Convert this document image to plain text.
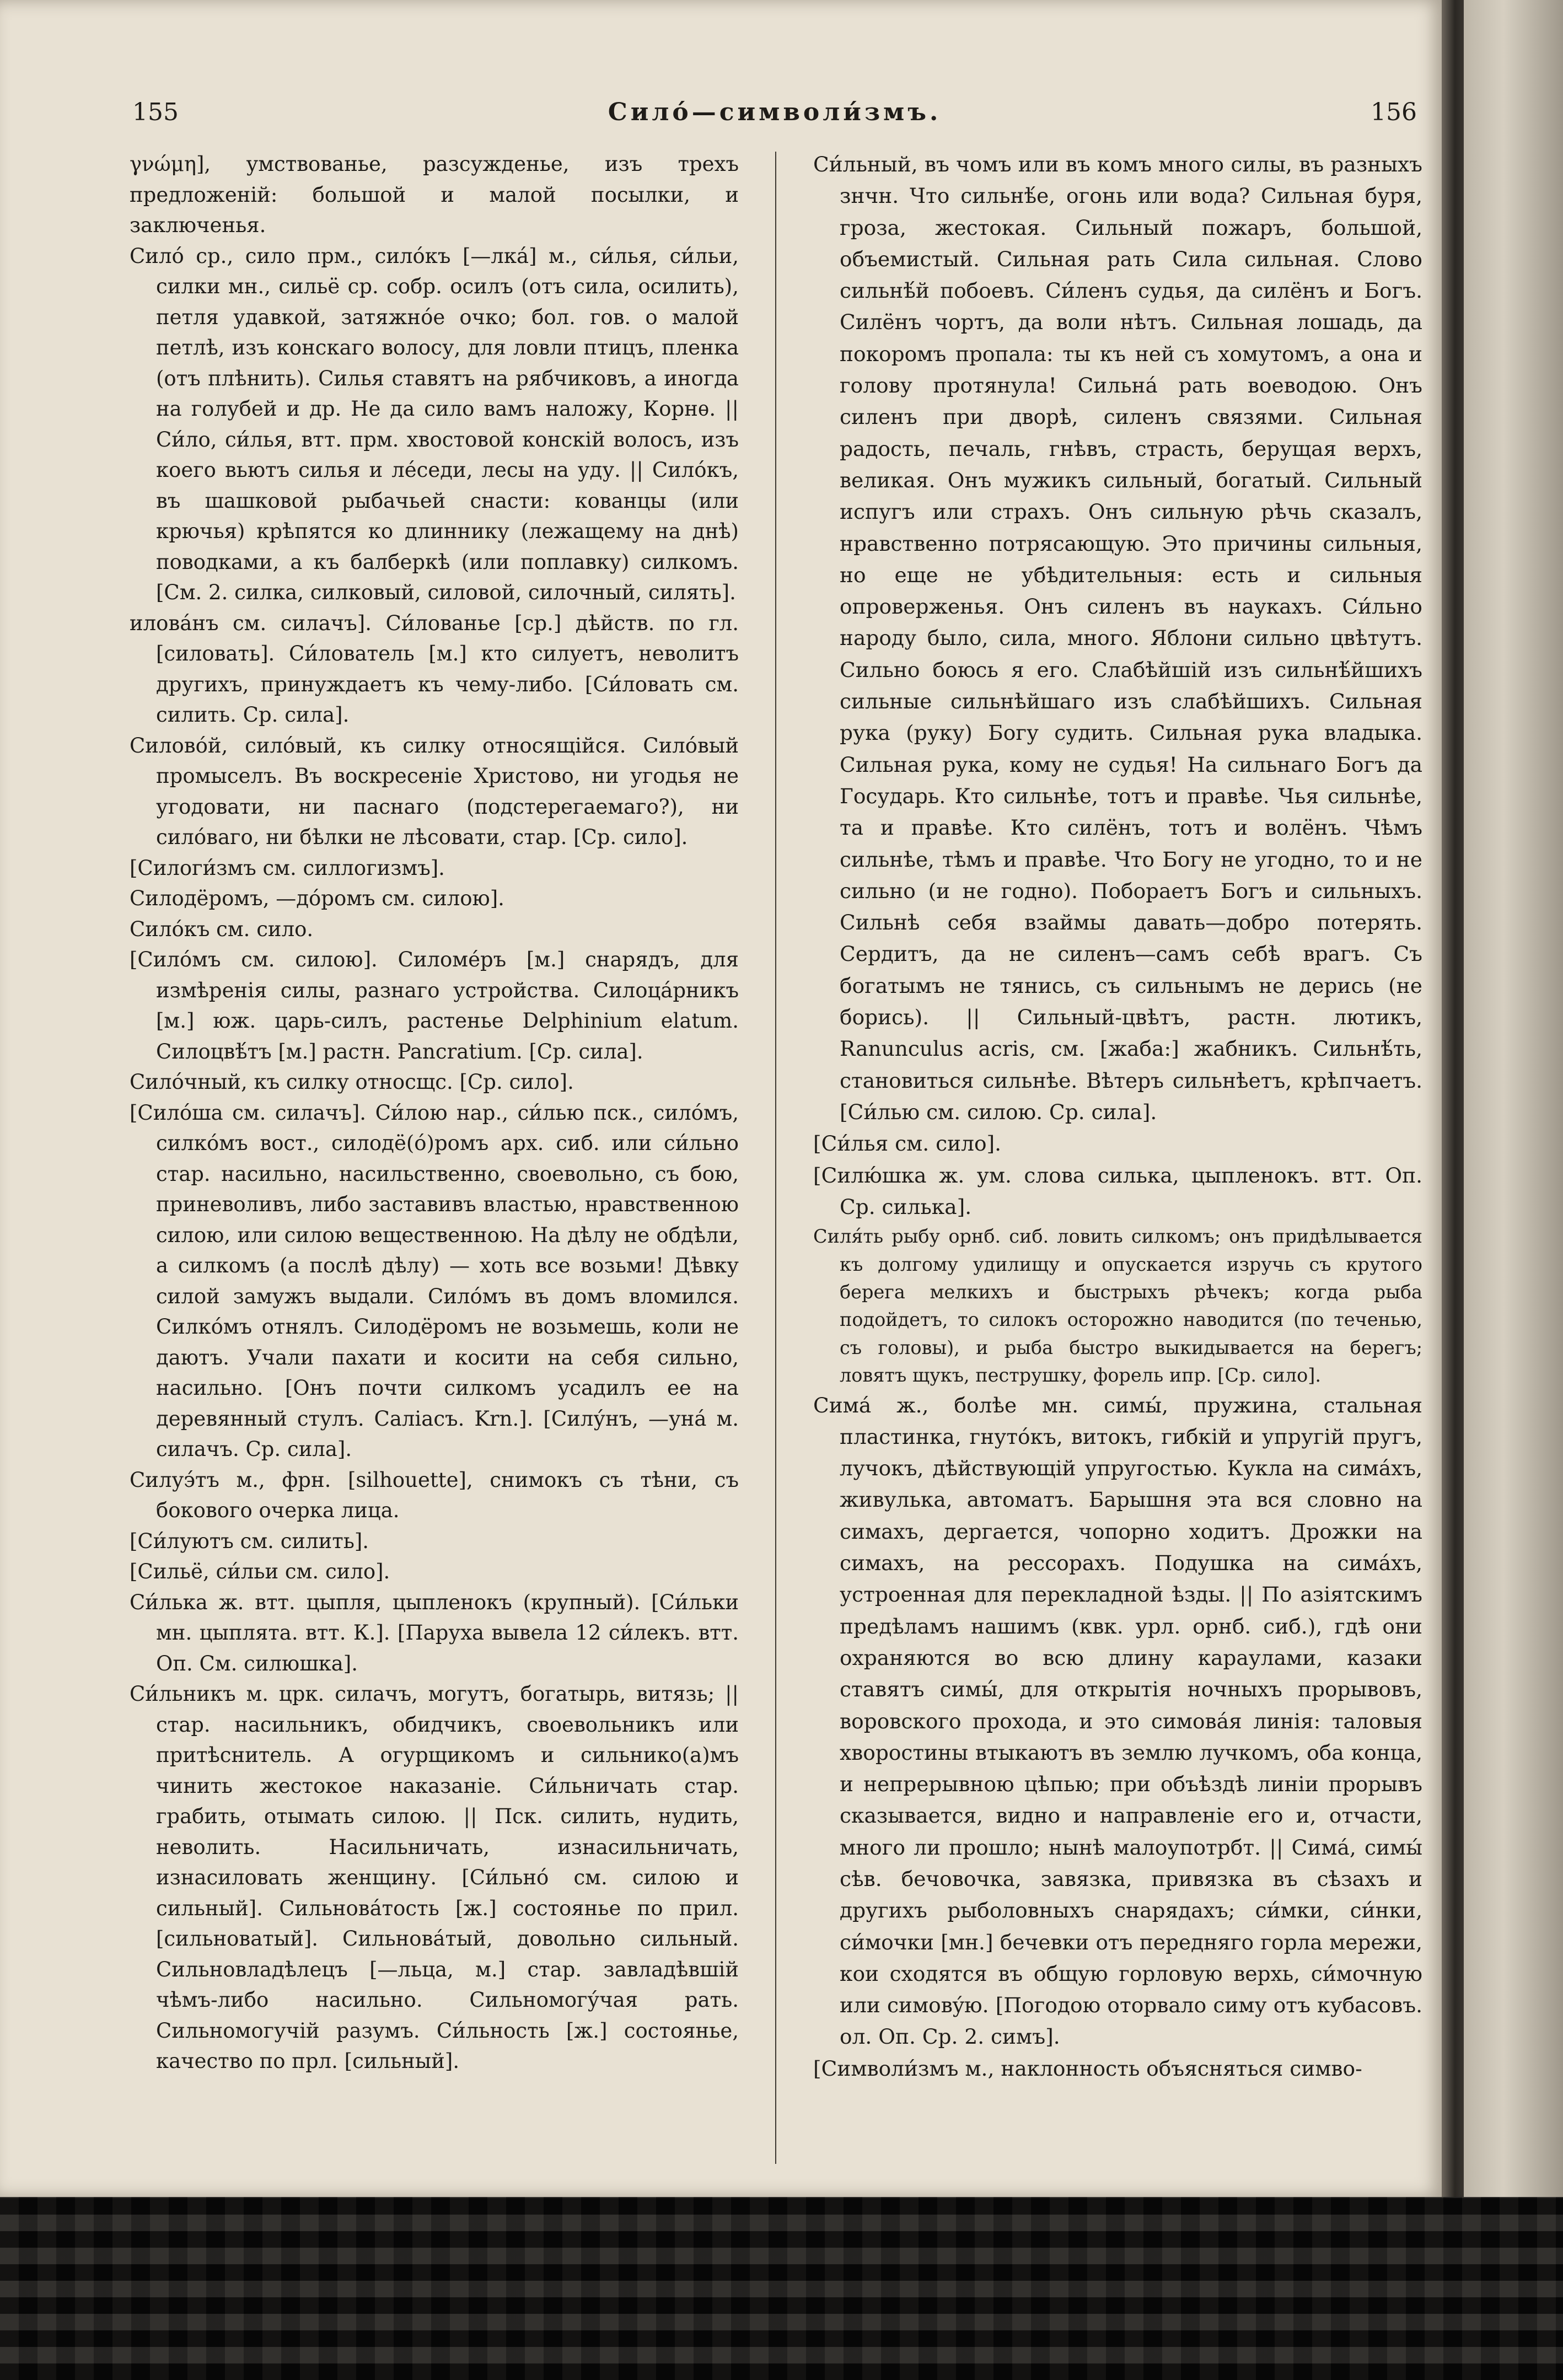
155	Сило́—символи́змъ.	156

γνώμη], умствованье, разсужденье, изъ трехъ предложеній: большой и малой посылки, и заключенья.

Сило́ ср., сило прм., силóкъ [—лка́] м., си́лья, си́льи, силки мн., сильё ср. собр. осилъ (отъ сила, осилить), петля удавкой, затяжнóе очко; бол. гов. о малой петлѣ, изъ конскаго волосу, для ловли птицъ, пленка (отъ плѣнить). Силья ставятъ на рябчиковъ, а иногда на голубей и др. Не да сило вамъ наложу, Корнѳ. || Си́ло, си́лья, втт. прм. хвостовой конскій волосъ, изъ коего вьютъ силья и лéседи, лесы на уду. || Силóкъ, въ шашковой рыбачьей снасти: кованцы (или крючья) крѣпятся ко длиннику (лежащему на днѣ) поводками, а къ балберкѣ (или поплавку) силкомъ. [См. 2. силка, силковый, силовой, силочный, силять].

иловáнъ см. силачъ]. Си́лованье [ср.] дѣйств. по гл. [силовать]. Си́лователь [м.] кто силуетъ, неволитъ другихъ, принуждаетъ къ чему-либо. [Си́ловать см. силить. Ср. сила].

Силовóй, силóвый, къ силку относящійся. Силóвый промыселъ. Въ воскресеніе Христово, ни угодья не угодовати, ни паснаго (подстерегаемаго?), ни силóваго, ни бѣлки не лѣсовати, стар. [Ср. сило].

[Силоги́змъ см. силлогизмъ].

Силодёромъ, —дóромъ см. силою].

Силóкъ см. сило.

[Силóмъ см. силою]. Силомéръ [м.] снарядъ, для измѣренія силы, разнаго устройства. Силоцáрникъ [м.] юж. царь-силъ, растенье Delphinium elatum. Силоцвѣ́тъ [м.] растн. Pancratium. [Ср. сила].

Силóчный, къ силку относщс. [Ср. сило].

[Силóша см. силачъ]. Си́лою нар., си́лью пск., силóмъ, силкóмъ вост., силодё(ó)ромъ арх. сиб. или си́льно стар. насильно, насильственно, своевольно, съ бою, приневоливъ, либо заставивъ властью, нравственною силою, или силою вещественною. На дѣлу не обдѣли, а силкомъ (а послѣ дѣлу) — хоть все возьми! Дѣвку силой замужъ выдали. Силóмъ въ домъ вломился. Силкóмъ отнялъ. Силодёромъ не возьмешь, коли не даютъ. Учали пахати и косити на себя сильно, насильно. [Онъ почти силкомъ усадилъ ее на деревянный стулъ. Саліасъ. Krn.]. [Силу́нъ, —унá м. силачъ. Ср. сила].

Силуэ́тъ м., фрн. [silhouette], снимокъ съ тѣни, съ бокового очерка лица.

[Си́луютъ см. силить].

[Сильё, си́льи см. сило].

Си́лька ж. втт. цыпля, цыпленокъ (крупный). [Си́льки мн. цыплята. втт. К.]. [Паруха вывела 12 си́лекъ. втт. Оп. См. силюшка].

Си́льникъ м. црк. силачъ, могутъ, богатырь, витязь; || стар. насильникъ, обидчикъ, своевольникъ или притѣснитель. А огурщикомъ и сильнико(а)мъ чинить жестокое наказаніе. Си́льничать стар. грабить, отымать силою. || Пск. силить, нудить, неволить. Насильничать, изнасильничать, изнасиловать женщину. [Си́льнó см. силою и сильный]. Сильновáтость [ж.] состоянье по прил. [сильноватый]. Сильновáтый, довольно сильный. Сильновладѣлецъ [—льца, м.] стар. завладѣвшій чѣмъ-либо насильно. Сильномогу́чая рать. Сильномогучій разумъ. Си́льность [ж.] состоянье, качество по прл. [сильный].

Си́льный, въ чомъ или въ комъ много силы, въ разныхъ знчн. Что сильнѣ́е, огонь или вода? Сильная буря, гроза, жестокая. Сильный пожаръ, большой, объемистый. Сильная рать Сила сильная. Слово сильнѣ́й побоевъ. Си́ленъ судья, да силёнъ и Богъ. Силёнъ чортъ, да воли нѣтъ. Сильная лошадь, да покоромъ пропала: ты къ ней съ хомутомъ, а она и голову протянула! Сильнá рать воеводою. Онъ силенъ при дворѣ, силенъ связями. Сильная радость, печаль, гнѣвъ, страсть, берущая верхъ, великая. Онъ мужикъ сильный, богатый. Сильный испугъ или страхъ. Онъ сильную рѣчь сказалъ, нравственно потрясающую. Это причины сильныя, но еще не убѣдительныя: есть и сильныя опроверженья. Онъ силенъ въ наукахъ. Си́льно народу было, сила, много. Яблони сильно цвѣтутъ. Сильно боюсь я его. Слабѣйшій изъ сильнѣ́йшихъ сильные сильнѣйшаго изъ слабѣйшихъ. Сильная рука (руку) Богу судить. Сильная рука владыка. Сильная рука, кому не судья! На сильнаго Богъ да Государь. Кто сильнѣе, тотъ и правѣе. Чья сильнѣе, та и правѣе. Кто силёнъ, тотъ и волёнъ. Чѣмъ сильнѣе, тѣмъ и правѣе. Что Богу не угодно, то и не сильно (и не годно). Побораетъ Богъ и сильныхъ. Сильнѣ себя взаймы давать—добро потерять. Сердитъ, да не силенъ—самъ себѣ врагъ. Съ богатымъ не тянись, съ сильнымъ не дерись (не борись). || Сильный-цвѣтъ, растн. лютикъ, Ranunculus acris, см. [жаба:] жабникъ. Сильнѣ́ть, становиться сильнѣе. Вѣтеръ сильнѣетъ, крѣпчаетъ. [Си́лью см. силою. Ср. сила].

[Си́лья см. сило].

[Силю́шка ж. ум. слова силька, цыпленокъ. втт. Оп. Ср. силька].

Силя́ть рыбу орнб. сиб. ловить силкомъ; онъ придѣлывается къ долгому удилищу и опускается изручь съ крутого берега мелкихъ и быстрыхъ рѣчекъ; когда рыба подойдетъ, то силокъ осторожно наводится (по теченью, съ головы), и рыба быстро выкидывается на берегъ; ловятъ щукъ, пеструшку, форель ипр. [Ср. сило].

Симá ж., болѣе мн. симы́, пружина, стальная пластинка, гнутóкъ, витокъ, гибкій и упругій пругъ, лучокъ, дѣйствующій упругостью. Кукла на симáхъ, живулька, автоматъ. Барышня эта вся словно на симахъ, дергается, чопорно ходитъ. Дрожки на симахъ, на рессорахъ. Подушка на симáхъ, устроенная для перекладной ѣзды. || По азіятскимъ предѣламъ нашимъ (квк. урл. орнб. сиб.), гдѣ они охраняются во всю длину караулами, казаки ставятъ симы́, для открытія ночныхъ прорывовъ, воровского прохода, и это симовáя линія: таловыя хворостины втыкаютъ въ землю лучкомъ, оба конца, и непрерывною цѣпью; при объѣздѣ линіи прорывъ сказывается, видно и направленіе его и, отчасти, много ли прошло; нынѣ малоупотрбт. || Симá, симы́ сѣв. бечовочка, завязка, привязка въ сѣзахъ и другихъ рыболовныхъ снарядахъ; си́мки, си́нки, си́мочки [мн.] бечевки отъ передняго горла мережи, кои сходятся въ общую горловую верхь, си́мочную или симовýю. [Погодою оторвало симу отъ кубасовъ. ол. Оп. Ср. 2. симъ].

[Символи́змъ м., наклонность объясняться симво-
